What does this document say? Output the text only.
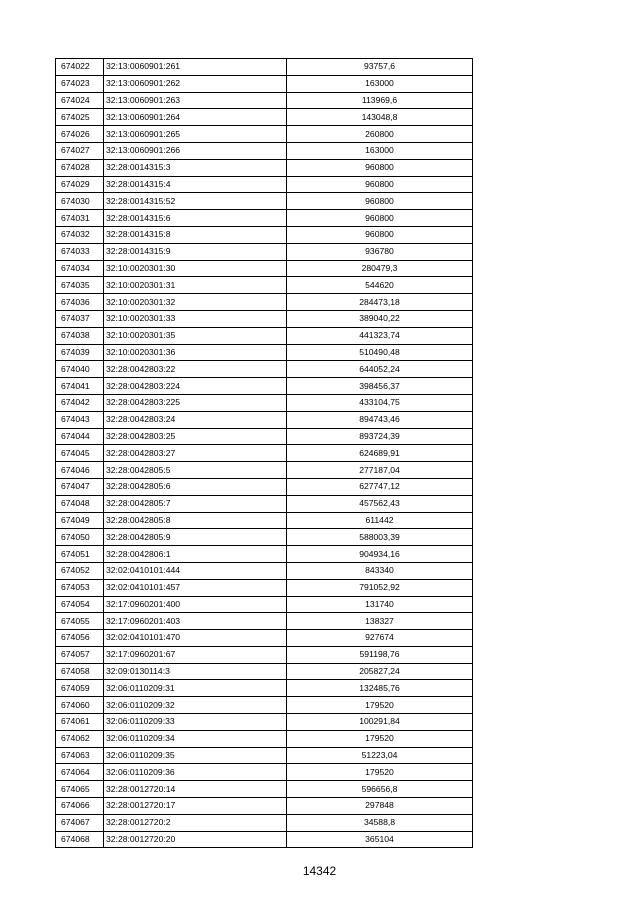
674022	32:13:0060901:261	93757,6
674023	32:13:0060901:262	163000
674024	32:13:0060901:263	113969,6
674025	32:13:0060901:264	143048,8
674026	32:13:0060901:265	260800
674027	32:13:0060901:266	163000
674028	32:28:0014315:3	960800
674029	32:28:0014315:4	960800
674030	32:28:0014315:52	960800
674031	32:28:0014315:6	960800
674032	32:28:0014315:8	960800
674033	32:28:0014315:9	936780
674034	32:10:0020301:30	280479,3
674035	32:10:0020301:31	544620
674036	32:10:0020301:32	284473,18
674037	32:10:0020301:33	389040,22
674038	32:10:0020301:35	441323,74
674039	32:10:0020301:36	510490,48
674040	32:28:0042803:22	644052,24
674041	32:28:0042803:224	398456,37
674042	32:28:0042803:225	433104,75
674043	32:28:0042803:24	894743,46
674044	32:28:0042803:25	893724,39
674045	32:28:0042803:27	624689,91
674046	32:28:0042805:5	277187,04
674047	32:28:0042805:6	627747,12
674048	32:28:0042805:7	457562,43
674049	32:28:0042805:8	611442
674050	32:28:0042805:9	588003,39
674051	32:28:0042806:1	904934,16
674052	32:02:0410101:444	843340
674053	32:02:0410101:457	791052,92
674054	32:17:0960201:400	131740
674055	32:17:0960201:403	138327
674056	32:02:0410101:470	927674
674057	32:17:0960201:67	591198,76
674058	32:09:0130114:3	205827,24
674059	32:06:0110209:31	132485,76
674060	32:06:0110209:32	179520
674061	32:06:0110209:33	100291,84
674062	32:06:0110209:34	179520
674063	32:06:0110209:35	51223,04
674064	32:06:0110209:36	179520
674065	32:28:0012720:14	596656,8
674066	32:28:0012720:17	297848
674067	32:28:0012720:2	34588,8
674068	32:28:0012720:20	365104
14342
